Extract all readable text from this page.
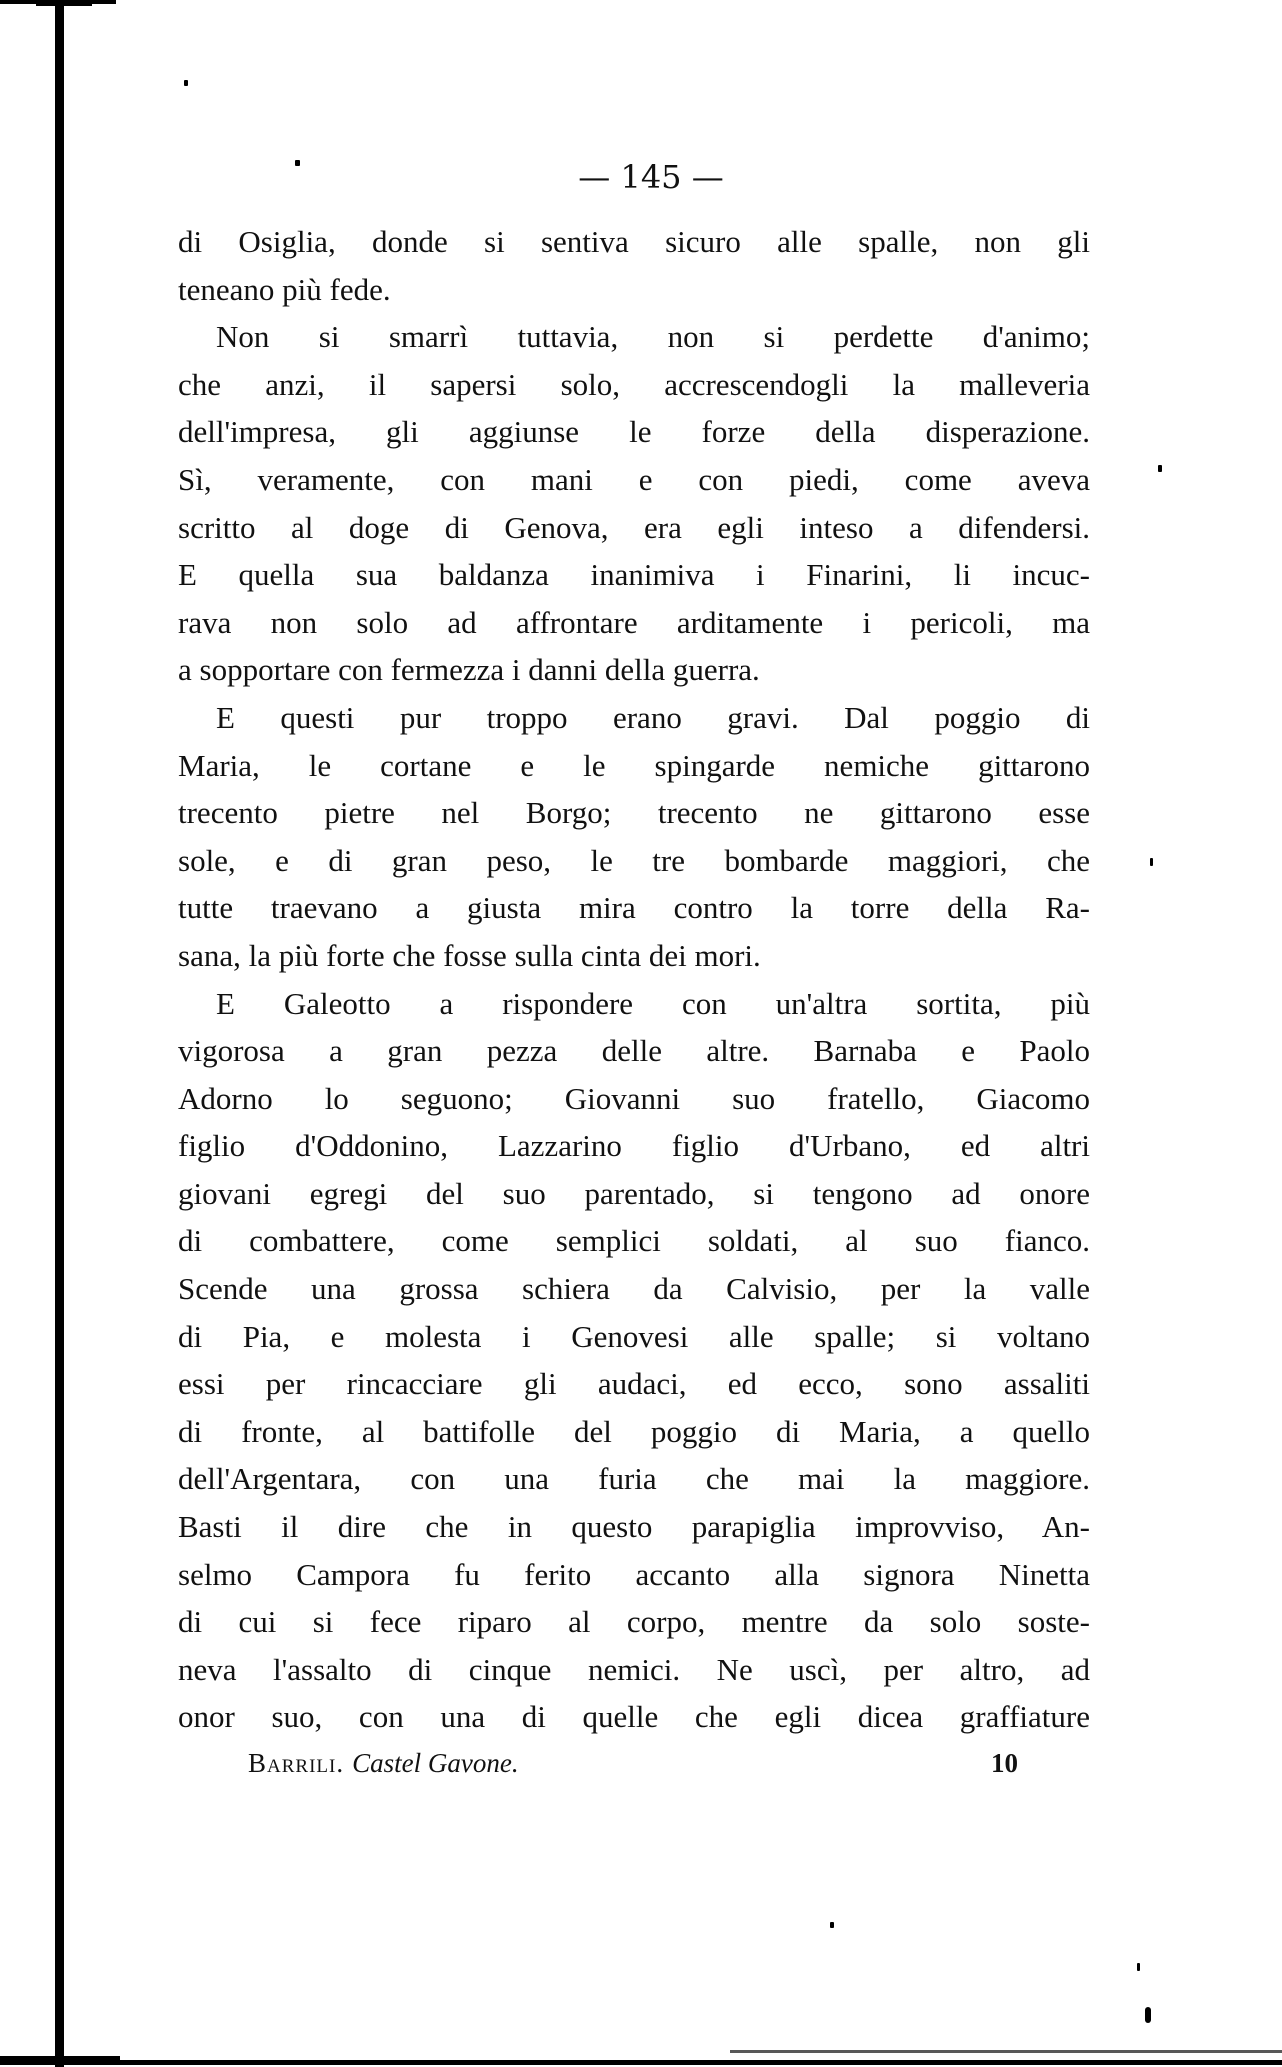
— 145 —
di Osiglia, donde si sentiva sicuro alle spalle, non gli
teneano più fede.
Non si smarrì tuttavia, non si perdette d'animo;
che anzi, il sapersi solo, accrescendogli la malleveria
dell'impresa, gli aggiunse le forze della disperazione.
Sì, veramente, con mani e con piedi, come aveva
scritto al doge di Genova, era egli inteso a difendersi.
E quella sua baldanza inanimiva i Finarini, li incuc-
rava non solo ad affrontare arditamente i pericoli, ma
a sopportare con fermezza i danni della guerra.
E questi pur troppo erano gravi. Dal poggio di
Maria, le cortane e le spingarde nemiche gittarono
trecento pietre nel Borgo; trecento ne gittarono esse
sole, e di gran peso, le tre bombarde maggiori, che
tutte traevano a giusta mira contro la torre della Ra-
sana, la più forte che fosse sulla cinta dei mori.
E Galeotto a rispondere con un'altra sortita, più
vigorosa a gran pezza delle altre. Barnaba e Paolo
Adorno lo seguono; Giovanni suo fratello, Giacomo
figlio d'Oddonino, Lazzarino figlio d'Urbano, ed altri
giovani egregi del suo parentado, si tengono ad onore
di combattere, come semplici soldati, al suo fianco.
Scende una grossa schiera da Calvisio, per la valle
di Pia, e molesta i Genovesi alle spalle; si voltano
essi per rincacciare gli audaci, ed ecco, sono assaliti
di fronte, al battifolle del poggio di Maria, a quello
dell'Argentara, con una furia che mai la maggiore.
Basti il dire che in questo parapiglia improvviso, An-
selmo Campora fu ferito accanto alla signora Ninetta
di cui si fece riparo al corpo, mentre da solo soste-
neva l'assalto di cinque nemici. Ne uscì, per altro, ad
onor suo, con una di quelle che egli dicea graffiature
Barrili. Castel Gavone.	10
